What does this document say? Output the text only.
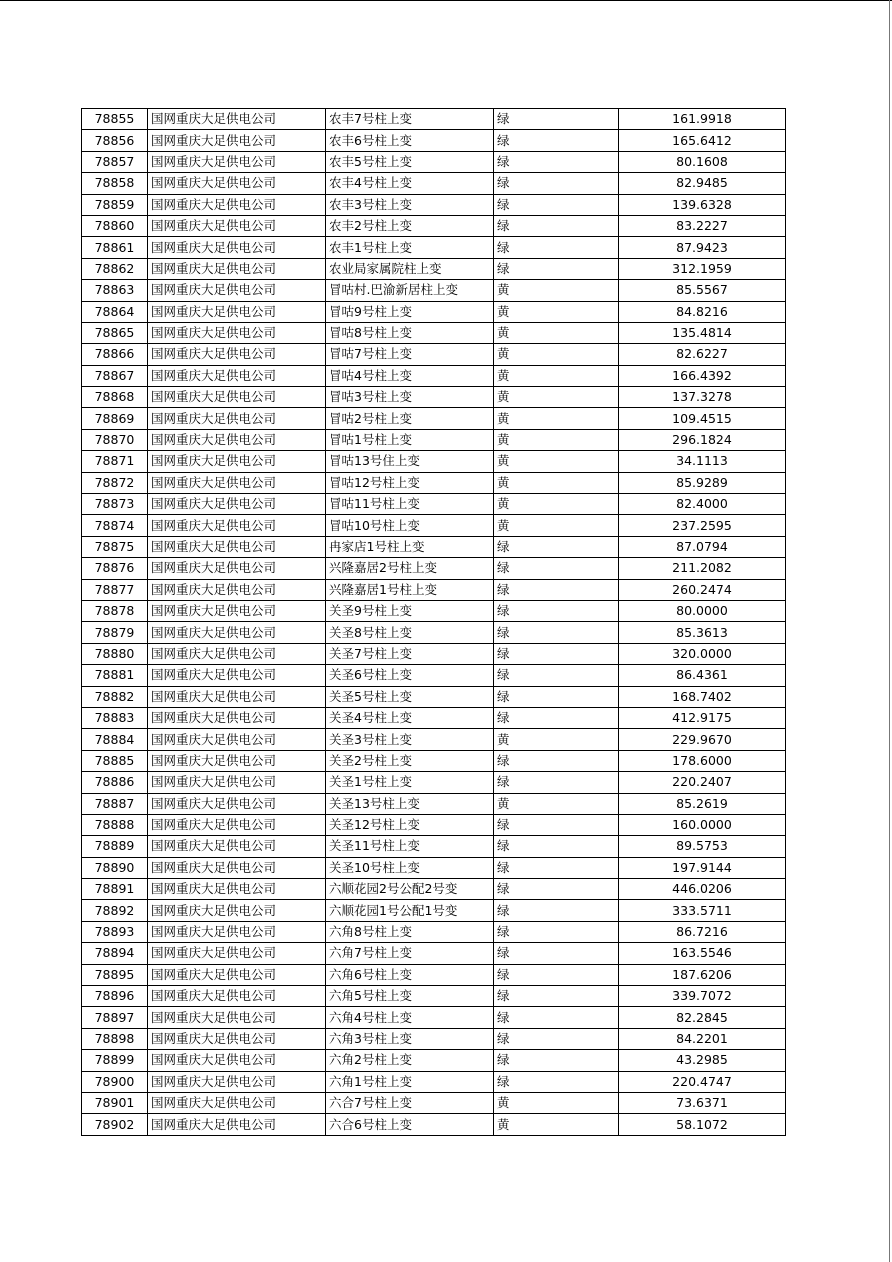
78855	国网重庆大足供电公司	农丰7号柱上变	绿	161.9918
78856	国网重庆大足供电公司	农丰6号柱上变	绿	165.6412
78857	国网重庆大足供电公司	农丰5号柱上变	绿	80.1608
78858	国网重庆大足供电公司	农丰4号柱上变	绿	82.9485
78859	国网重庆大足供电公司	农丰3号柱上变	绿	139.6328
78860	国网重庆大足供电公司	农丰2号柱上变	绿	83.2227
78861	国网重庆大足供电公司	农丰1号柱上变	绿	87.9423
78862	国网重庆大足供电公司	农业局家属院柱上变	绿	312.1959
78863	国网重庆大足供电公司	冒咕村.巴渝新居柱上变	黄	85.5567
78864	国网重庆大足供电公司	冒咕9号柱上变	黄	84.8216
78865	国网重庆大足供电公司	冒咕8号柱上变	黄	135.4814
78866	国网重庆大足供电公司	冒咕7号柱上变	黄	82.6227
78867	国网重庆大足供电公司	冒咕4号柱上变	黄	166.4392
78868	国网重庆大足供电公司	冒咕3号柱上变	黄	137.3278
78869	国网重庆大足供电公司	冒咕2号柱上变	黄	109.4515
78870	国网重庆大足供电公司	冒咕1号柱上变	黄	296.1824
78871	国网重庆大足供电公司	冒咕13号住上变	黄	34.1113
78872	国网重庆大足供电公司	冒咕12号柱上变	黄	85.9289
78873	国网重庆大足供电公司	冒咕11号柱上变	黄	82.4000
78874	国网重庆大足供电公司	冒咕10号柱上变	黄	237.2595
78875	国网重庆大足供电公司	冉家店1号柱上变	绿	87.0794
78876	国网重庆大足供电公司	兴隆嘉居2号柱上变	绿	211.2082
78877	国网重庆大足供电公司	兴隆嘉居1号柱上变	绿	260.2474
78878	国网重庆大足供电公司	关圣9号柱上变	绿	80.0000
78879	国网重庆大足供电公司	关圣8号柱上变	绿	85.3613
78880	国网重庆大足供电公司	关圣7号柱上变	绿	320.0000
78881	国网重庆大足供电公司	关圣6号柱上变	绿	86.4361
78882	国网重庆大足供电公司	关圣5号柱上变	绿	168.7402
78883	国网重庆大足供电公司	关圣4号柱上变	绿	412.9175
78884	国网重庆大足供电公司	关圣3号柱上变	黄	229.9670
78885	国网重庆大足供电公司	关圣2号柱上变	绿	178.6000
78886	国网重庆大足供电公司	关圣1号柱上变	绿	220.2407
78887	国网重庆大足供电公司	关圣13号柱上变	黄	85.2619
78888	国网重庆大足供电公司	关圣12号柱上变	绿	160.0000
78889	国网重庆大足供电公司	关圣11号柱上变	绿	89.5753
78890	国网重庆大足供电公司	关圣10号柱上变	绿	197.9144
78891	国网重庆大足供电公司	六顺花园2号公配2号变	绿	446.0206
78892	国网重庆大足供电公司	六顺花园1号公配1号变	绿	333.5711
78893	国网重庆大足供电公司	六角8号柱上变	绿	86.7216
78894	国网重庆大足供电公司	六角7号柱上变	绿	163.5546
78895	国网重庆大足供电公司	六角6号柱上变	绿	187.6206
78896	国网重庆大足供电公司	六角5号柱上变	绿	339.7072
78897	国网重庆大足供电公司	六角4号柱上变	绿	82.2845
78898	国网重庆大足供电公司	六角3号柱上变	绿	84.2201
78899	国网重庆大足供电公司	六角2号柱上变	绿	43.2985
78900	国网重庆大足供电公司	六角1号柱上变	绿	220.4747
78901	国网重庆大足供电公司	六合7号柱上变	黄	73.6371
78902	国网重庆大足供电公司	六合6号柱上变	黄	58.1072
